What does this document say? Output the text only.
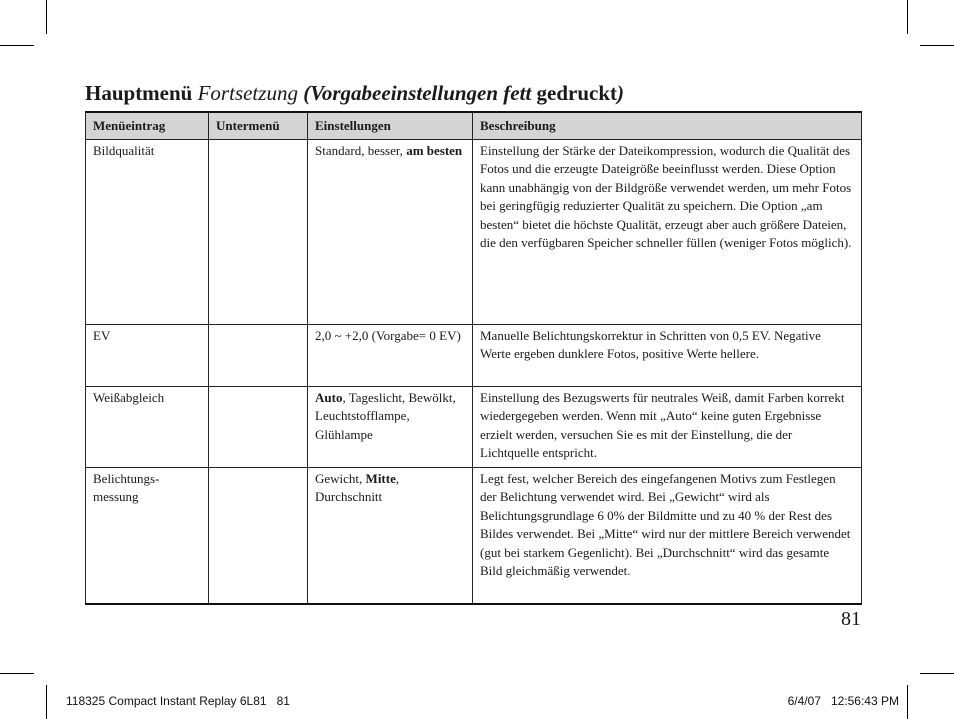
Hauptmenü Fortsetzung (Vorgabeeinstellungen fett gedruckt)
Menüeintrag	Untermenü	Einstellungen	Beschreibung
Bildqualität		Standard, besser, am besten	Einstellung der Stärke der Dateikompression, wodurch die Qualität des Fotos und die erzeugte Dateigröße beeinflusst werden. Diese Option kann unabhängig von der Bildgröße verwendet werden, um mehr Fotos bei geringfügig reduzierter Qualität zu speichern. Die Option „am besten“ bietet die höchste Qualität, erzeugt aber auch größere Dateien, die den verfügbaren Speicher schneller füllen (weniger Fotos möglich).
EV		2,0 ~ +2,0 (Vorgabe= 0 EV)	Manuelle Belichtungskorrektur in Schritten von 0,5 EV. Negative Werte ergeben dunklere Fotos, positive Werte hellere.
Weißabgleich		Auto, Tageslicht, Bewölkt, Leuchtstofflampe, Glühlampe	Einstellung des Bezugswerts für neutrales Weiß, damit Farben korrekt wiedergegeben werden. Wenn mit „Auto“ keine guten Ergebnisse erzielt werden, versuchen Sie es mit der Einstellung, die der Lichtquelle entspricht.
Belichtungs- messung		Gewicht, Mitte, Durchschnitt	Legt fest, welcher Bereich des eingefangenen Motivs zum Festlegen der Belichtung verwendet wird. Bei „Gewicht“ wird als Belichtungsgrundlage 6 0% der Bildmitte und zu 40 % der Rest des Bildes verwendet. Bei „Mitte“ wird nur der mittlere Bereich verwendet (gut bei starkem Gegenlicht). Bei „Durchschnitt“ wird das gesamte Bild gleichmäßig verwendet.
81
118325 Compact Instant Replay 6L81   81	6/4/07   12:56:43 PM
